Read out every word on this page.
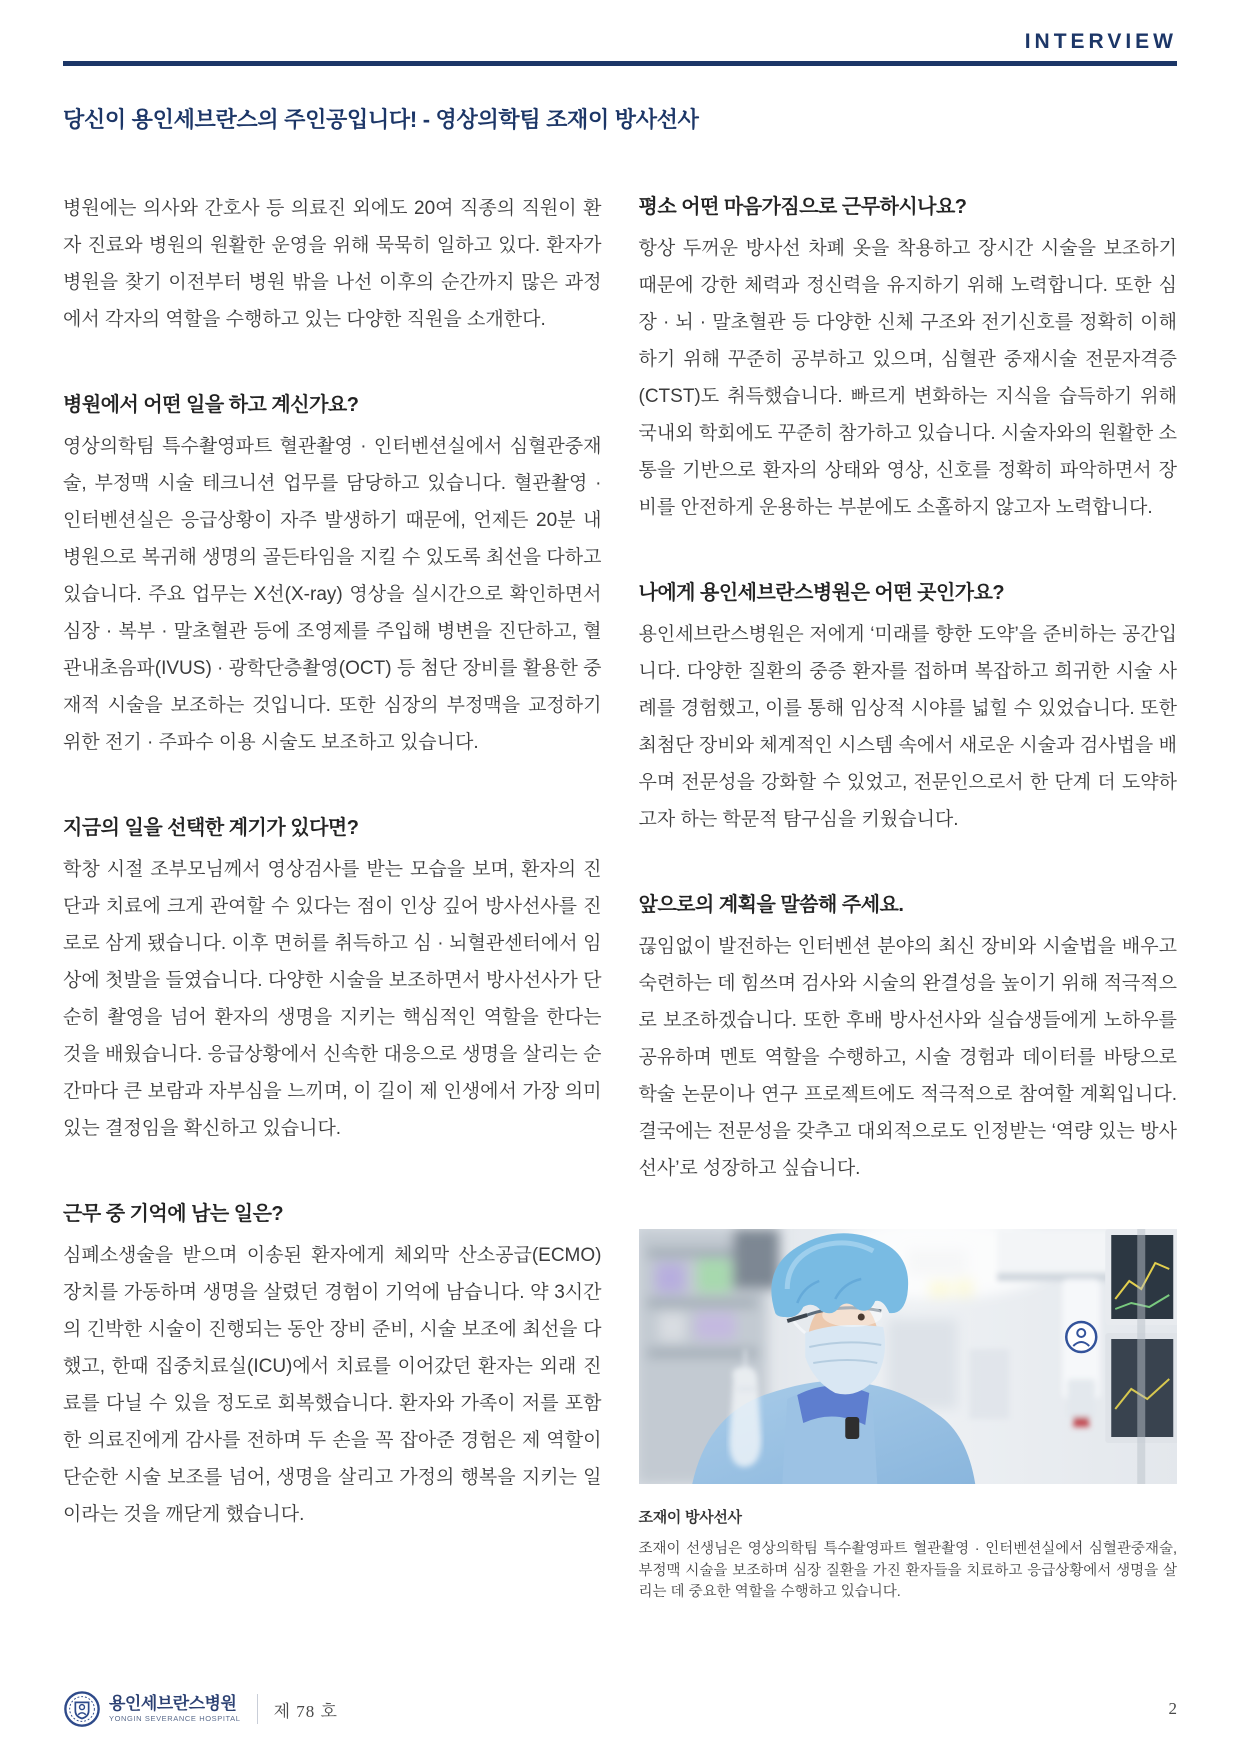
INTERVIEW
당신이 용인세브란스의 주인공입니다! - 영상의학팀 조재이 방사선사

병원에는 의사와 간호사 등 의료진 외에도 20여 직종의 직원이 환자 진료와 병원의 원활한 운영을 위해 묵묵히 일하고 있다. 환자가 병원을 찾기 이전부터 병원 밖을 나선 이후의 순간까지 많은 과정에서 각자의 역할을 수행하고 있는 다양한 직원을 소개한다.

병원에서 어떤 일을 하고 계신가요?

영상의학팀 특수촬영파트 혈관촬영 · 인터벤션실에서 심혈관중재술, 부정맥 시술 테크니션 업무를 담당하고 있습니다. 혈관촬영 · 인터벤션실은 응급상황이 자주 발생하기 때문에, 언제든 20분 내 병원으로 복귀해 생명의 골든타임을 지킬 수 있도록 최선을 다하고 있습니다. 주요 업무는 X선(X-ray) 영상을 실시간으로 확인하면서 심장 · 복부 · 말초혈관 등에 조영제를 주입해 병변을 진단하고, 혈관내초음파(IVUS) · 광학단층촬영(OCT) 등 첨단 장비를 활용한 중재적 시술을 보조하는 것입니다. 또한 심장의 부정맥을 교정하기 위한 전기 · 주파수 이용 시술도 보조하고 있습니다.

지금의 일을 선택한 계기가 있다면?

학창 시절 조부모님께서 영상검사를 받는 모습을 보며, 환자의 진단과 치료에 크게 관여할 수 있다는 점이 인상 깊어 방사선사를 진로로 삼게 됐습니다. 이후 면허를 취득하고 심 · 뇌혈관센터에서 임상에 첫발을 들였습니다. 다양한 시술을 보조하면서 방사선사가 단순히 촬영을 넘어 환자의 생명을 지키는 핵심적인 역할을 한다는 것을 배웠습니다. 응급상황에서 신속한 대응으로 생명을 살리는 순간마다 큰 보람과 자부심을 느끼며, 이 길이 제 인생에서 가장 의미 있는 결정임을 확신하고 있습니다.

근무 중 기억에 남는 일은?

심폐소생술을 받으며 이송된 환자에게 체외막 산소공급(ECMO) 장치를 가동하며 생명을 살렸던 경험이 기억에 남습니다. 약 3시간의 긴박한 시술이 진행되는 동안 장비 준비, 시술 보조에 최선을 다했고, 한때 집중치료실(ICU)에서 치료를 이어갔던 환자는 외래 진료를 다닐 수 있을 정도로 회복했습니다. 환자와 가족이 저를 포함한 의료진에게 감사를 전하며 두 손을 꼭 잡아준 경험은 제 역할이 단순한 시술 보조를 넘어, 생명을 살리고 가정의 행복을 지키는 일이라는 것을 깨닫게 했습니다.

평소 어떤 마음가짐으로 근무하시나요?

항상 두꺼운 방사선 차폐 옷을 착용하고 장시간 시술을 보조하기 때문에 강한 체력과 정신력을 유지하기 위해 노력합니다. 또한 심장 · 뇌 · 말초혈관 등 다양한 신체 구조와 전기신호를 정확히 이해하기 위해 꾸준히 공부하고 있으며, 심혈관 중재시술 전문자격증(CTST)도 취득했습니다. 빠르게 변화하는 지식을 습득하기 위해 국내외 학회에도 꾸준히 참가하고 있습니다. 시술자와의 원활한 소통을 기반으로 환자의 상태와 영상, 신호를 정확히 파악하면서 장비를 안전하게 운용하는 부분에도 소홀하지 않고자 노력합니다.

나에게 용인세브란스병원은 어떤 곳인가요?

용인세브란스병원은 저에게 ‘미래를 향한 도약’을 준비하는 공간입니다. 다양한 질환의 중증 환자를 접하며 복잡하고 희귀한 시술 사례를 경험했고, 이를 통해 임상적 시야를 넓힐 수 있었습니다. 또한 최첨단 장비와 체계적인 시스템 속에서 새로운 시술과 검사법을 배우며 전문성을 강화할 수 있었고, 전문인으로서 한 단계 더 도약하고자 하는 학문적 탐구심을 키웠습니다.

앞으로의 계획을 말씀해 주세요.

끊임없이 발전하는 인터벤션 분야의 최신 장비와 시술법을 배우고 숙련하는 데 힘쓰며 검사와 시술의 완결성을 높이기 위해 적극적으로 보조하겠습니다. 또한 후배 방사선사와 실습생들에게 노하우를 공유하며 멘토 역할을 수행하고, 시술 경험과 데이터를 바탕으로 학술 논문이나 연구 프로젝트에도 적극적으로 참여할 계획입니다. 결국에는 전문성을 갖추고 대외적으로도 인정받는 ‘역량 있는 방사선사’로 성장하고 싶습니다.

조재이 방사선사

조재이 선생님은 영상의학팀 특수촬영파트 혈관촬영 · 인터벤션실에서 심혈관중재술, 부정맥 시술을 보조하며 심장 질환을 가진 환자들을 치료하고 응급상황에서 생명을 살리는 데 중요한 역할을 수행하고 있습니다.

용인세브란스병원
YONGIN SEVERANCE HOSPITAL 제 78 호	2
